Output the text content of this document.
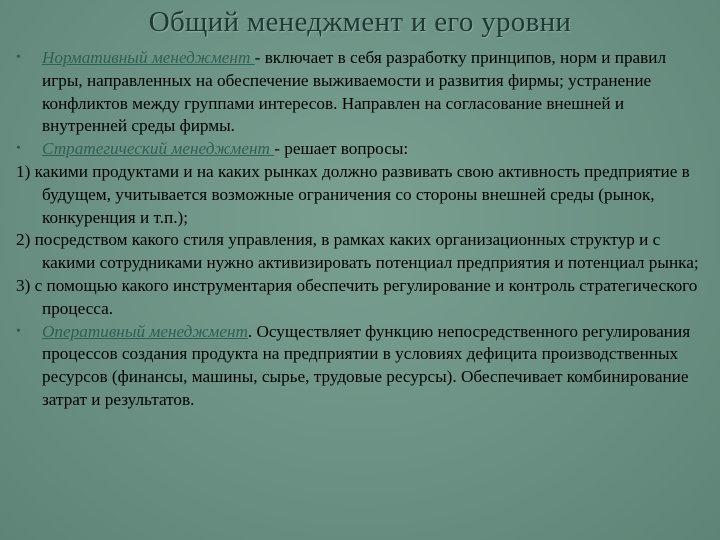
Общий менеджмент и его уровни

•	Нормативный менеджмент - включает в себя разработку принципов, норм и правил игры, направленных на обеспечение выживаемости и развития фирмы; устранение конфликтов между группами интересов. Направлен на согласование внешней и внутренней среды фирмы.

•	Стратегический менеджмент - решает вопросы:

1) какими продуктами и на каких рынках должно развивать свою активность предприятие в будущем, учитывается возможные ограничения со стороны внешней среды (рынок, конкуренция и т.п.);

2) посредством какого стиля управления, в рамках каких организационных структур и с какими сотрудниками нужно активизировать потенциал предприятия и потенциал рынка;

3) с помощью какого инструментария обеспечить регулирование и контроль стратегического процесса.

•	Оперативный менеджмент. Осуществляет функцию непосредственного регулирования процессов создания продукта на предприятии в условиях дефицита производственных ресурсов (финансы, машины, сырье, трудовые ресурсы). Обеспечивает комбинирование затрат и результатов.
